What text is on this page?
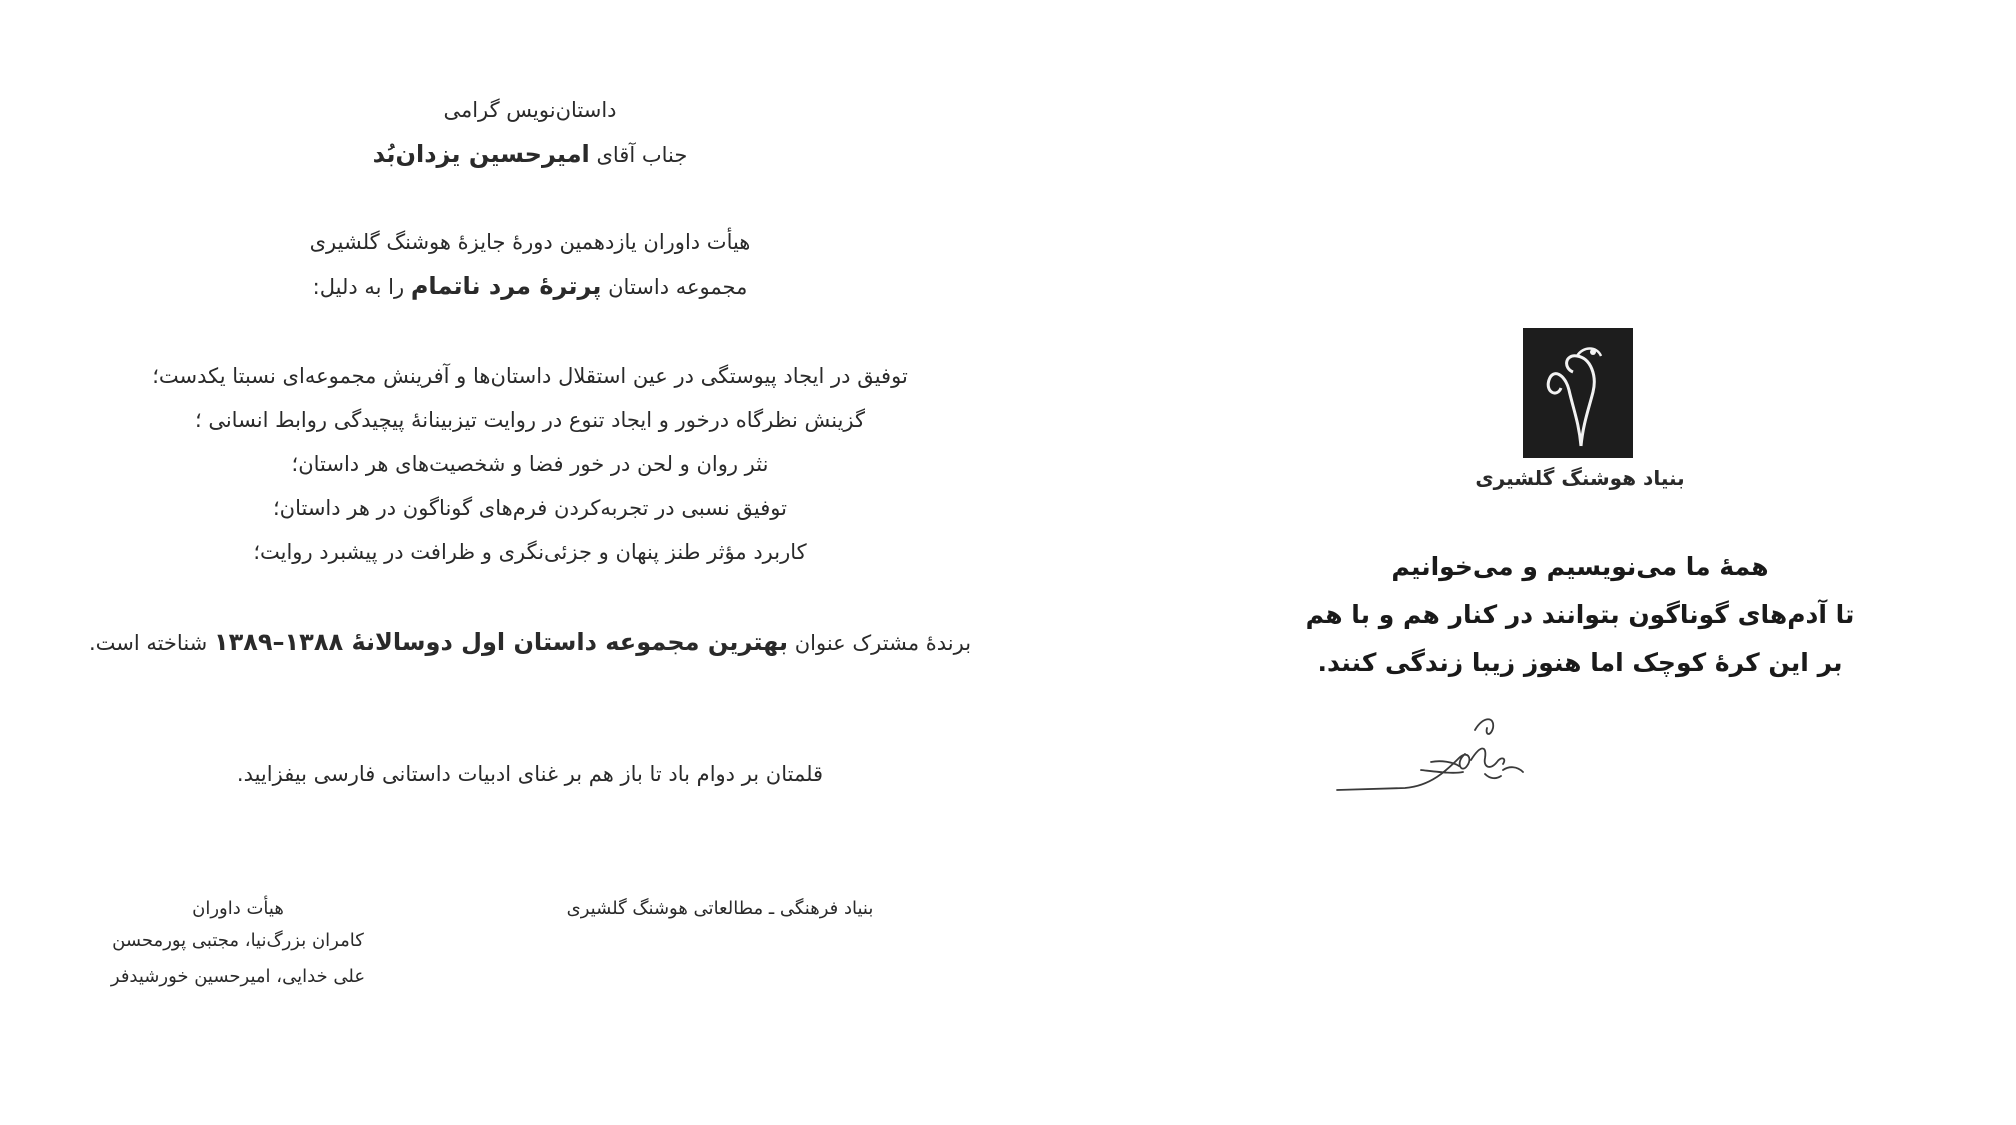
داستان‌نویس گرامی
جناب آقای امیرحسین یزدان‌بُد
هیأت داوران یازدهمین دورهٔ جایزهٔ هوشنگ گلشیری
مجموعه داستان پرترهٔ مرد ناتمام را به دلیل:
توفیق در ایجاد پیوستگی در عین استقلال داستان‌ها و آفرینش مجموعه‌ای نسبتا یکدست؛
گزینش نظرگاه درخور و ایجاد تنوع در روایت تیزبینانهٔ پیچیدگی روابط انسانی ؛
نثر روان و لحن در خور فضا و شخصیت‌های هر داستان؛
توفیق نسبی در تجربه‌کردن فرم‌های گوناگون در هر داستان؛
کاربرد مؤثر طنز پنهان و جزئی‌نگری و ظرافت در پیشبرد روایت؛
برندهٔ مشترک عنوان بهترین مجموعه داستان اول دوسالانهٔ ۱۳۸۸–۱۳۸۹ شناخته است.
قلمتان بر دوام باد تا باز هم بر غنای ادبیات داستانی فارسی بیفزایید.
بنیاد فرهنگی ـ مطالعاتی هوشنگ گلشیری
هیأت داوران
کامران بزرگ‌نیا، مجتبی پورمحسن
علی خدایی، امیرحسین خورشیدفر
بنیاد هوشنگ گلشیری
همهٔ ما می‌نویسیم و می‌خوانیم
تا آدم‌های گوناگون بتوانند در کنار هم و با هم
بر این کرهٔ کوچک اما هنوز زیبا زندگی کنند.
